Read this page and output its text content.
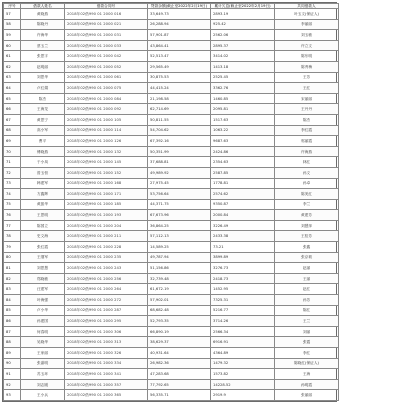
序号	借款人姓名	借款合同号	贷款余额(截止至2022年2月19日)	累计欠息(截止至2022年2月19日)	共同借款人
57	黄晓燕	2018年02借990 01 2000 016	33,649.73	2893.19	叶玉文(保证人)
58	陈晓丹	2018年02借990 01 2000 021	26,288.94	925.42	李丽丽
59	许海华	2018年02借990 01 2000 031	57,901.87	2562.06	刘玉敏
60	蔡玉兰	2018年02借990 01 2000 033	43,864.41	2895.37	许立文
61	张思宇	2018年02借990 01 2000 042	52,513.47	3414.02	陈东明
62	赵明丽	2018年02借990 01 2000 052	29,565.49	1413.18	陈秀梅
63	刘思华	2018年02借990 01 2000 061	30,875.53	2525.45	王芳
64	卢红娟	2018年02借990 01 2000 075	44,415.24	3362.76	王红
65	陈杰	2018年02借990 01 2000 084	21,198.58	1460.85	宋丽丽
66	王海龙	2018年02借990 01 2000 092	62,714.69	2095.81	王丹丹
67	黄思宁	2018年02借990 01 2000 105	50,811.55	1517.63	陈杰
68	高小军	2018年02借990 01 2000 114	54,704.62	1063.22	李红霞
69	曹平	2018年02借990 01 2000 126	67,392.16	9687.63	郭丽霞
70	傅晓燕	2018年02借990 01 2000 132	50,351.99	2424.86	许海燕
71	于小凤	2018年02借990 01 2000 145	37,688.81	2354.63	林红
72	曾玉恒	2018年02借990 01 2000 152	49,989.92	2587.85	孙文
73	韩建军	2018年02借990 01 2000 168	27,975.45	1778.81	孙卓
74	方鑫辉	2018年02借990 01 2000 171	53,756.64	2574.62	陈美红
75	黄振华	2018年02借990 01 2000 185	44,371.75	9350.87	李兰
76	王思明	2018年02借990 01 2000 193	67,673.96	2000.84	黄建芳
77	陈国立	2018年02借990 01 2000 204	36,864.25	3226.49	刘慧萍
78	史文海	2018年02借990 01 2000 211	57,112.13	2433.38	王桂芳
79	张红霞	2018年02借990 01 2000 228	14,589.25	73.21	张鑫
80	王继军	2018年02借990 01 2000 235	49,787.94	3899.89	张京莉
81	刘思慧	2018年02借990 01 2000 243	51,156.86	3276.73	赵丽
82	郑晓敏	2018年02借990 01 2000 256	32,739.48	2418.73	王丽
83	汪建军	2018年02借990 01 2000 264	61,672.19	1452.95	赵红
84	叶海强	2018年02借990 01 2000 272	57,902.01	7325.31	孙芳
85	卢小华	2018年02借990 01 2000 287	68,682.48	5216.77	陈红
86	孙建国	2018年02借990 01 2000 295	52,793.35	3714.26	王兰
87	何春明	2018年02借990 01 2000 306	66,890.19	2566.34	刘丽
88	吴晓华	2018年02借990 01 2000 313	38,629.37	6916.91	张霞
89	王家丽	2018年02借990 01 2000 326	40,931.64	4364.89	李红
90	张嘉明	2018年02借990 01 2000 334	26,982.36	1479.32	陈晓红(保证人)
91	苏玉环	2018年02借990 01 2000 341	47,283.68	1573.82	王海
92	刘志刚	2018年02借990 01 2000 357	77,792.65	14228.52	孙明霞
93	王小兵	2018年02借990 01 2000 365	56,335.71	2919.9	张丽丽
